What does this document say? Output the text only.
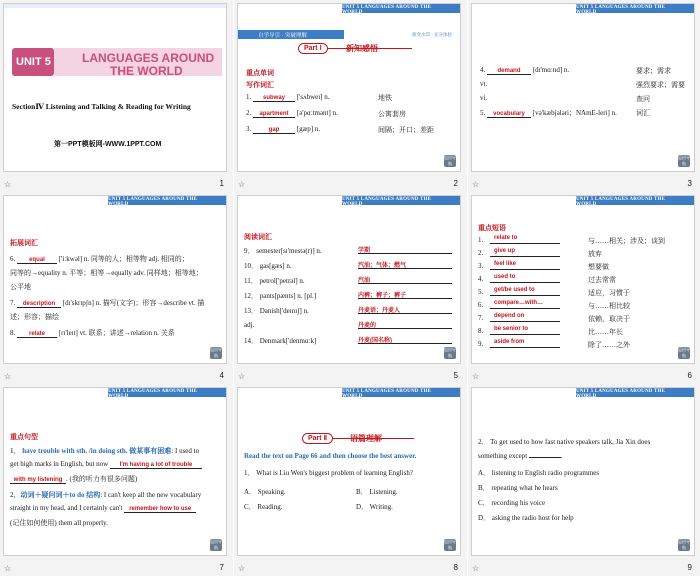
UNIT 5	LANGUAGES AROUND
THE WORLD
SectionⅣ Listening and Talking & Reading for Writing
第一PPT模板网-WWW.1PPT.COM
☆	1
UNIT 5 LANGUAGES AROUND THE WORLD
自学导引 · 突破理解	渐变水印 · 充分体验
Part Ⅰ	新知感悟
重点单词
写作词汇
1. subway ['sʌbweɪ] n.	地铁
2. apartment [ə'pɑːtmənt] n.	公寓套房
3.	gap [gæp] n.	间隔；开口；差距
返回导航
☆	2
UNIT 5 LANGUAGES AROUND THE WORLD
4. demand [dɪ'mɑːnd] n.	要求；需求
vt.	强烈要求；需要
vi.	查问
5. vocabulary [və'kæbjələri；NAmE-leri] n.	词汇
返回导航
☆	3
UNIT 5 LANGUAGES AROUND THE WORLD
拓展词汇
6. equal ['iːkwəl] n. 同等的人；相等物 adj. 相同的；
同等的→equality n. 平等；相等→equally adv. 同样地；相等地；
公平地
7. description [dɪ'skrɪpʃn] n. 描写(文字)；形容→describe vt. 描
述；形容；描绘
8. relate [rɪ'leɪt] vt. 联系；讲述→relation n. 关系
返回导航
☆	4
UNIT 5 LANGUAGES AROUND THE WORLD
阅读词汇
9． semester[sɪ'mestə(r)] n.	学期
10． gas[gæs] n.	汽油；气体；燃气
11． petrol['petrəl] n.	汽油
12． pants[pænts] n. [pl.]	内裤；裤子；裤子
13． Danish['deɪnɪʃ] n.	丹麦语；丹麦人
adj.	丹麦的
14． Denmark['denmɑːk]	丹麦(国名称)
返回导航
☆	5
UNIT 5 LANGUAGES AROUND THE WORLD
重点短语
1.	relate to	与……相关；涉及；谈到
2.	give up	放弃
3.	feel like	想要做
4.	used to	过去常常
5.	get/be used to	适应，习惯于
6.	compare…with…	与……相比较
7.	depend on	依赖，取决于
8.	be senior to	比……年长
9.	aside from	除了……之外
返回导航
☆	6
UNIT 5 LANGUAGES AROUND THE WORLD
重点句型
1． have trouble with sth. /in doing sth. 做某事有困难: I used to
get high marks in English, but now I'm having a lot of trouble
with my listening . (我的听力有很多问题)
2．动词＋疑问词＋to do 结构: I can't keep all the new vocabulary
straight in my head, and I certainly can't remember how to use
(记住如何使用) them all properly.
返回导航
☆	7
UNIT 5 LANGUAGES AROUND THE WORLD
Part Ⅱ	语篇理解
Read the text on Page 66 and then choose the best answer.
1． What is Liu Wen's biggest problem of learning English?
A． Speaking.	B． Listening.
C． Reading.	D． Writing.
返回导航
☆	8
UNIT 5 LANGUAGES AROUND THE WORLD
2． To get used to how fast native speakers talk, Jia Xin does
something except	.
A． listening to English radio programmes
B． repeating what he hears
C． recording his voice
D． asking the radio host for help
返回导航
☆	9
